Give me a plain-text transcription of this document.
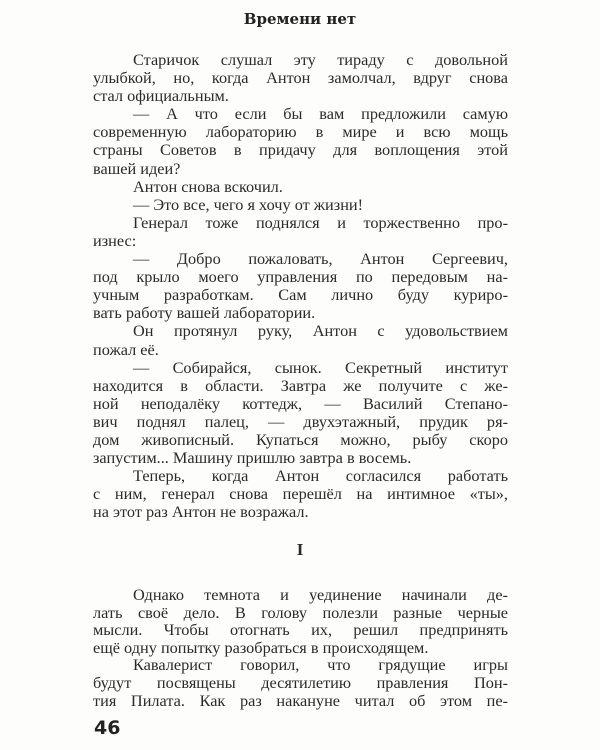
Времени нет
Старичок слушал эту тираду с довольной
улыбкой, но, когда Антон замолчал, вдруг снова
стал официальным.
— А что если бы вам предложили самую
современную лабораторию в мире и всю мощь
страны Советов в придачу для воплощения этой
вашей идеи?
Антон снова вскочил.
— Это все, чего я хочу от жизни!
Генерал тоже поднялся и торжественно про-
изнес:
— Добро пожаловать, Антон Сергеевич,
под крыло моего управления по передовым на-
учным разработкам. Сам лично буду куриро-
вать работу вашей лаборатории.
Он протянул руку, Антон с удовольствием
пожал её.
— Собирайся, сынок. Секретный институт
находится в области. Завтра же получите с же-
ной неподалёку коттедж, — Василий Степано-
вич поднял палец, — двухэтажный, прудик ря-
дом живописный. Купаться можно, рыбу скоро
запустим... Машину пришлю завтра в восемь.
Теперь, когда Антон согласился работать
с ним, генерал снова перешёл на интимное «ты»,
на этот раз Антон не возражал.
I
Однако темнота и уединение начинали де-
лать своё дело. В голову полезли разные черные
мысли. Чтобы отогнать их, решил предпринять
ещё одну попытку разобраться в происходящем.
Кавалерист говорил, что грядущие игры
будут посвящены десятилетию правления Пон-
тия Пилата. Как раз накануне читал об этом пе-
46
